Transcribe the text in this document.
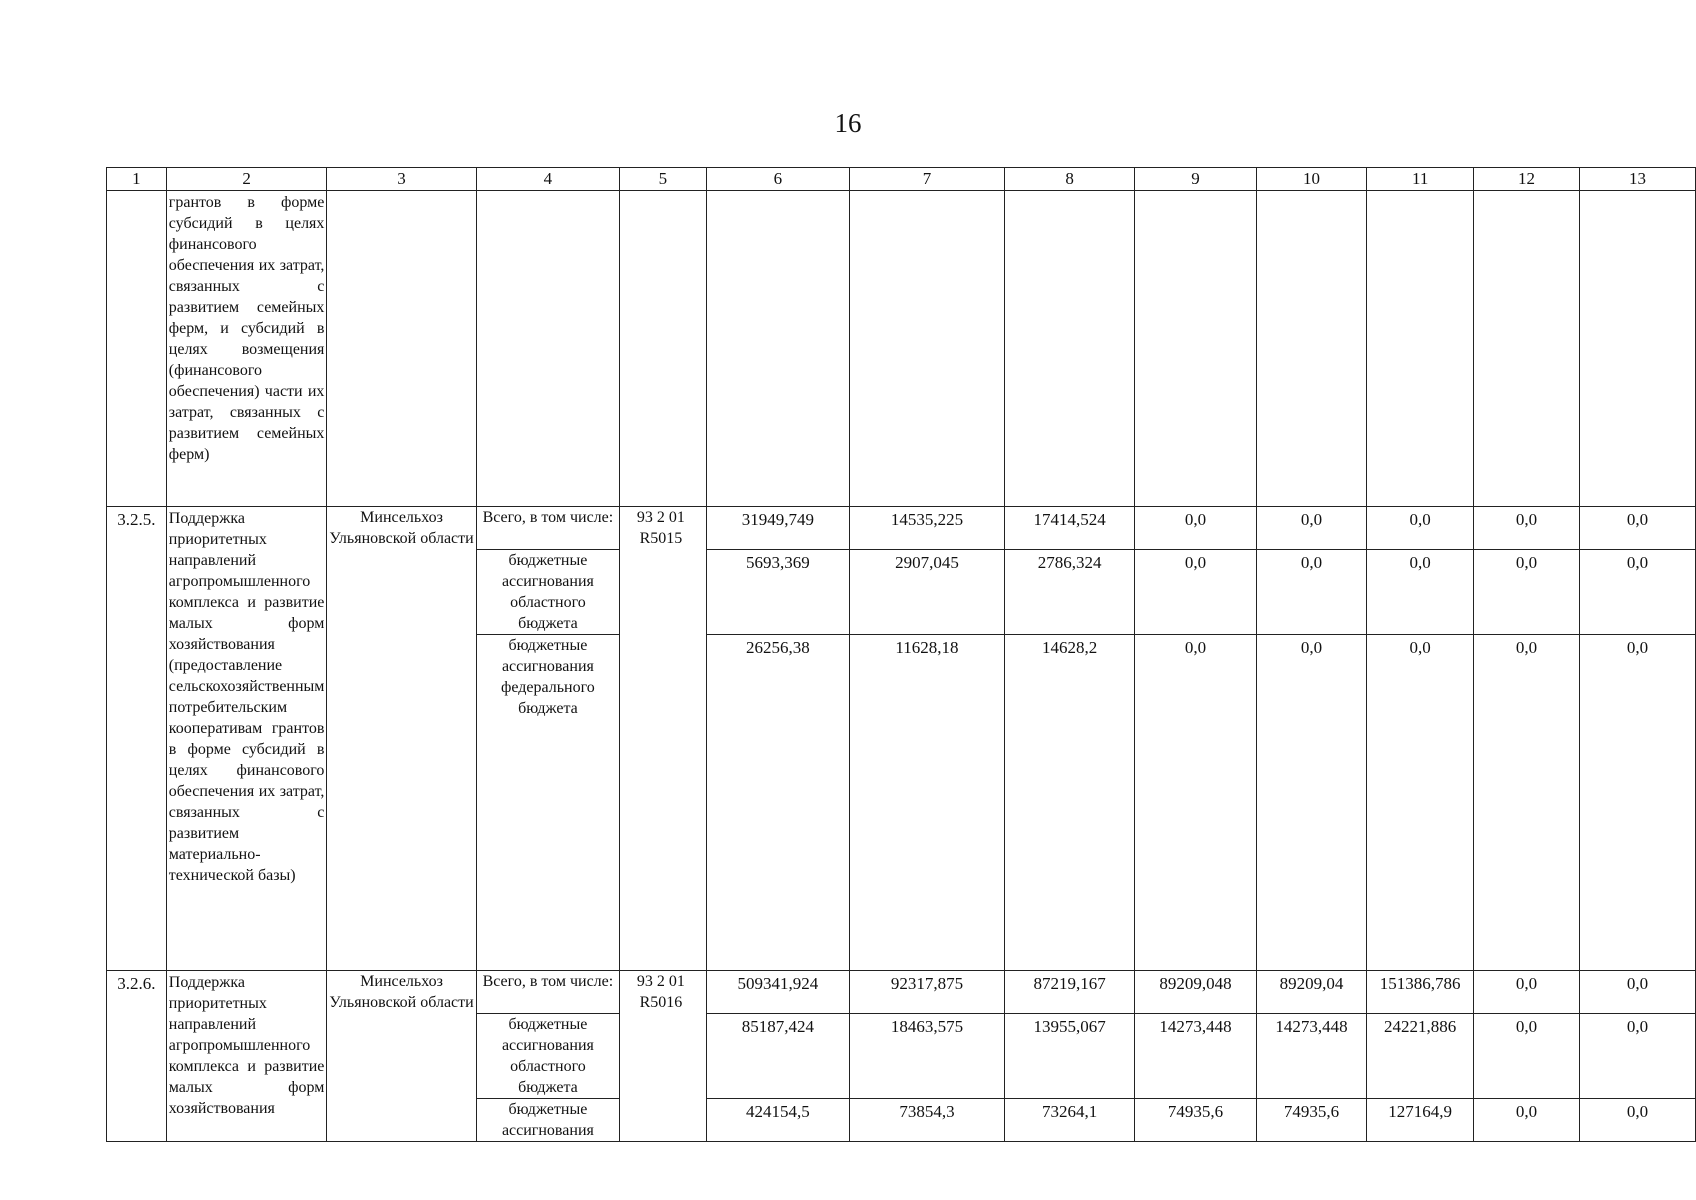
16
1	2	3	4	5	6	7	8	9	10	11	12	13
	грантов в форме субсидий в целях финансового обеспечения их затрат, связанных с развитием семейных ферм, и субсидий в целях возмещения (финансового обеспечения) части их затрат, связанных с развитием семейных ферм)											
3.2.5.	Поддержка приоритетных направлений агропромышленного комплекса и развитие малых форм хозяйствования (предоставление сельскохозяйственным потребительским кооперативам грантов в форме субсидий в целях финансового обеспечения их затрат, связанных с развитием материально-технической базы)	Минсельхоз Ульяновской области	Всего, в том числе:	93 2 01 R5015	31949,749	14535,225	17414,524	0,0	0,0	0,0	0,0	0,0
			бюджетные ассигнования областного бюджета		5693,369	2907,045	2786,324	0,0	0,0	0,0	0,0	0,0
			бюджетные ассигнования федерального бюджета		26256,38	11628,18	14628,2	0,0	0,0	0,0	0,0	0,0
3.2.6.	Поддержка приоритетных направлений агропромышленного комплекса и развитие малых форм хозяйствования	Минсельхоз Ульяновской области	Всего, в том числе:	93 2 01 R5016	509341,924	92317,875	87219,167	89209,048	89209,04	151386,786	0,0	0,0
			бюджетные ассигнования областного бюджета		85187,424	18463,575	13955,067	14273,448	14273,448	24221,886	0,0	0,0
			бюджетные ассигнования		424154,5	73854,3	73264,1	74935,6	74935,6	127164,9	0,0	0,0
